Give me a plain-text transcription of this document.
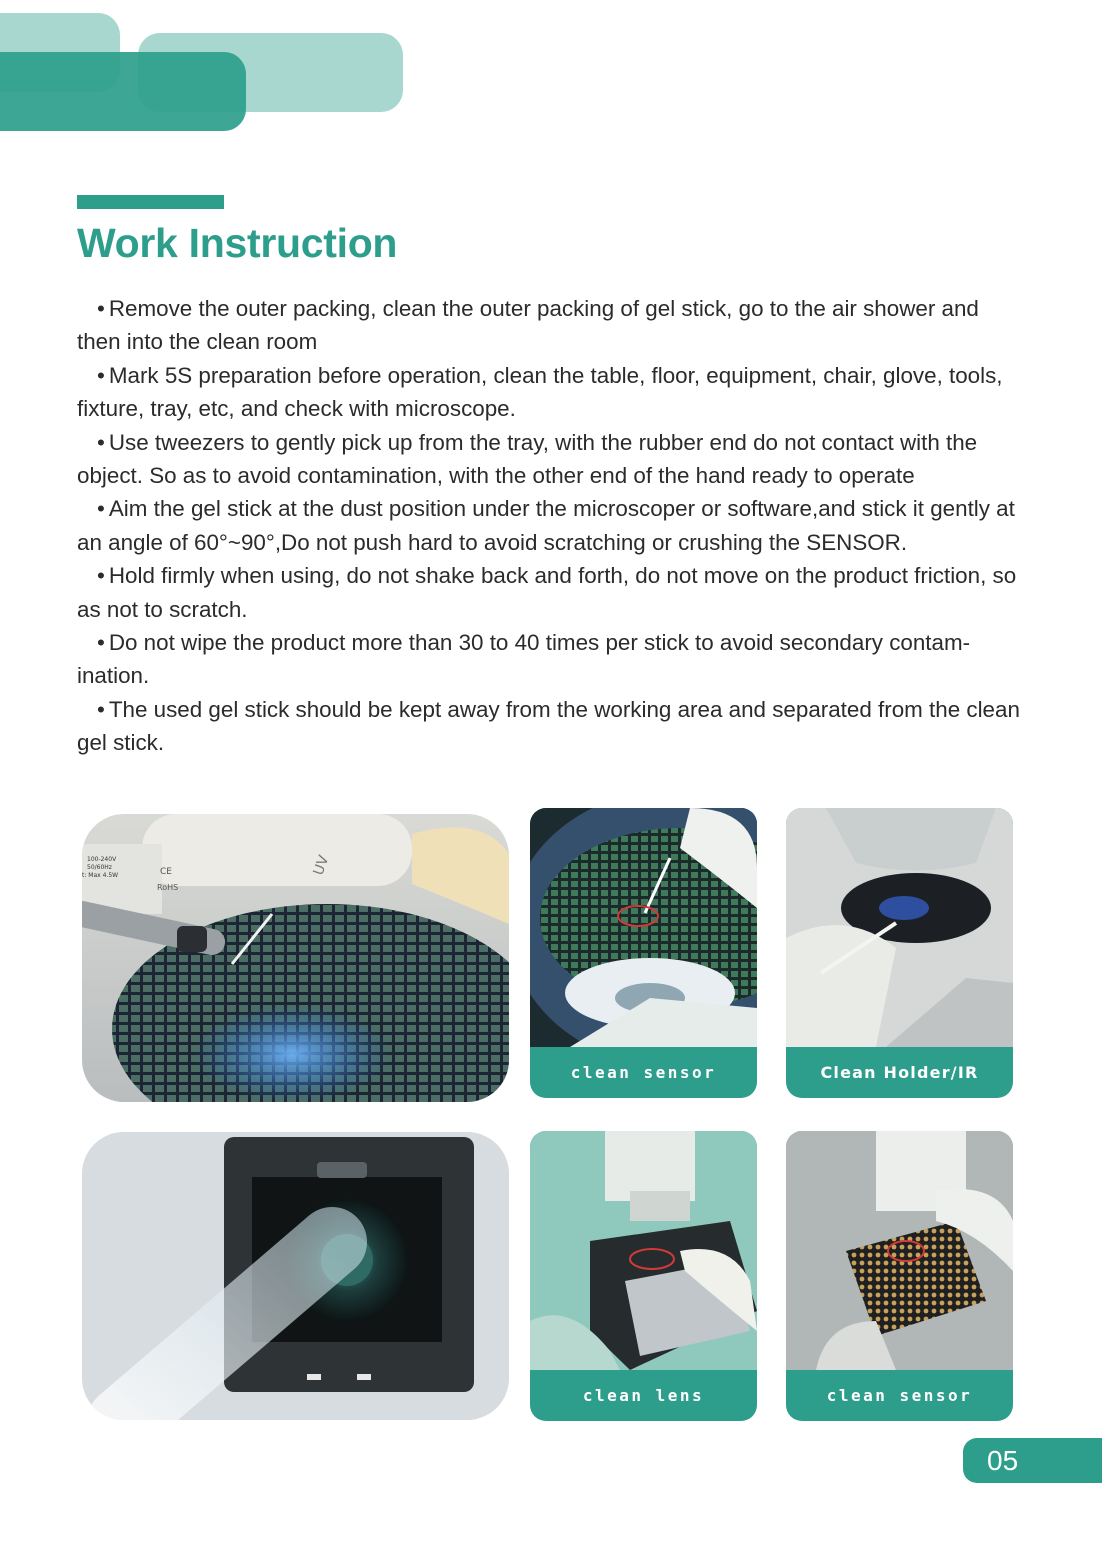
Work Instruction

• Remove the outer packing, clean the outer packing of gel stick, go to the air shower and then into the clean room

• Mark 5S preparation before operation, clean the table, floor, equipment, chair, glove, tools, fixture, tray, etc, and check with microscope.

• Use tweezers to gently pick up from the tray, with the rubber end do not contact with the object. So as to avoid contamination, with the other end of the hand ready to operate

• Aim the gel stick at the dust position under the microscoper or software,and stick it gently at an angle of 60°~90°,Do not push hard to avoid scratching or crushing the SENSOR.

• Hold firmly when using, do not shake back and forth, do not move on the product friction, so as not to scratch.

• Do not wipe the product more than 30 to 40 times per stick to avoid secondary contam-ination.

• The used gel stick should be kept away from the working area and separated from the clean gel stick.

100-240V
50/60Hz
t: Max 4.5W	CE
RoHS
UV
clean sensor	Clean Holder/IR
clean lens	clean sensor
05
